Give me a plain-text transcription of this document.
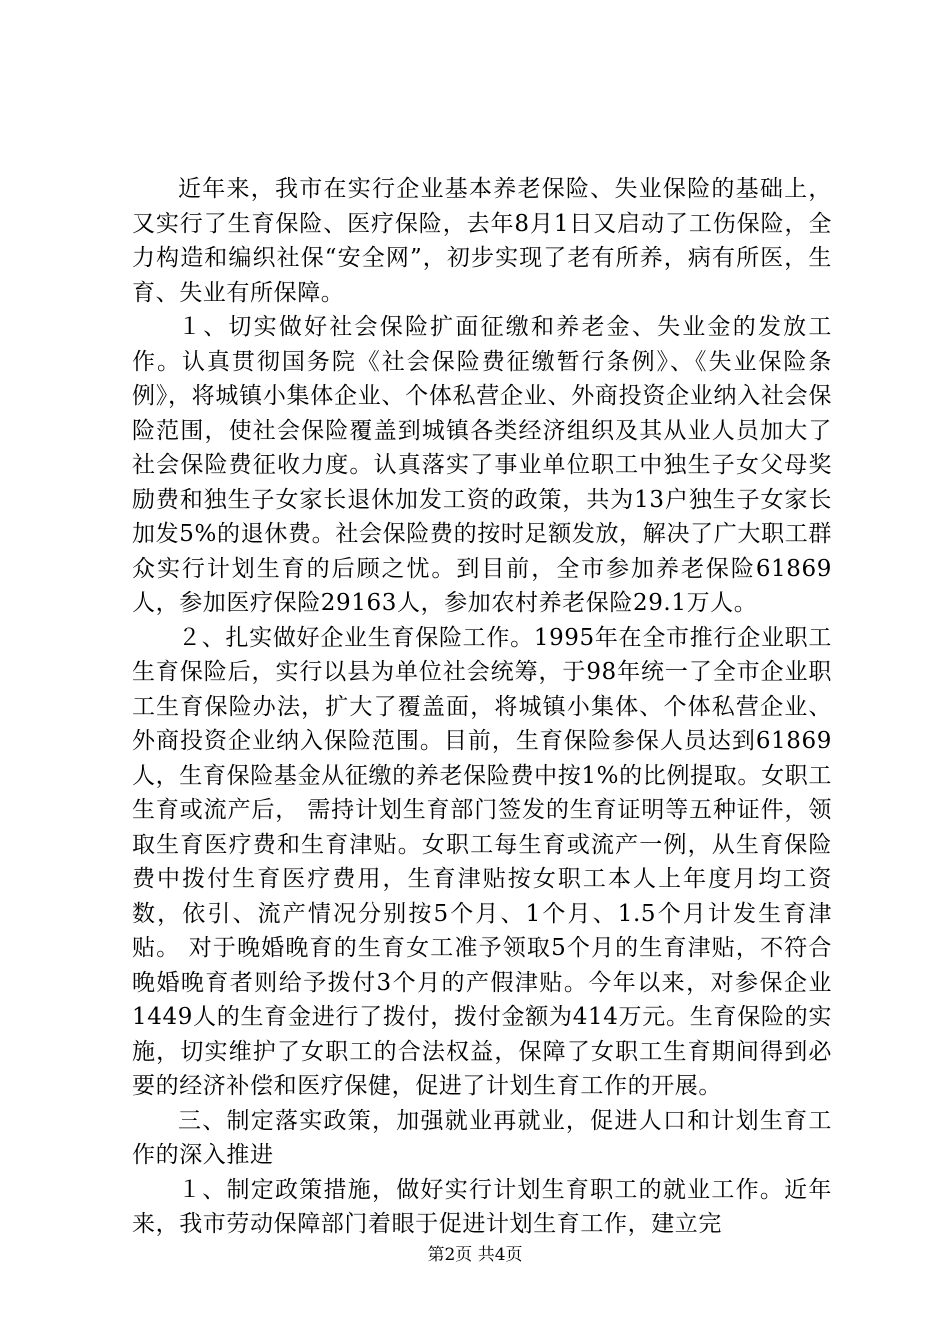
近年来，我市在实行企业基本养老保险、失业保险的基础上，又实行了生育保险、医疗保险，去年8月1日又启动了工伤保险，全力构造和编织社保“安全网”，初步实现了老有所养，病有所医，生育、失业有所保障。

１、切实做好社会保险扩面征缴和养老金、失业金的发放工作。认真贯彻国务院《社会保险费征缴暂行条例》、《失业保险条例》，将城镇小集体企业、个体私营企业、外商投资企业纳入社会保险范围，使社会保险覆盖到城镇各类经济组织及其从业人员加大了社会保险费征收力度。认真落实了事业单位职工中独生子女父母奖励费和独生子女家长退休加发工资的政策，共为13户独生子女家长加发5%的退休费。社会保险费的按时足额发放，解决了广大职工群众实行计划生育的后顾之忧。到目前，全市参加养老保险61869人，参加医疗保险29163人，参加农村养老保险29.1万人。

２、扎实做好企业生育保险工作。1995年在全市推行企业职工生育保险后，实行以县为单位社会统筹，于98年统一了全市企业职工生育保险办法，扩大了覆盖面，将城镇小集体、个体私营企业、外商投资企业纳入保险范围。目前，生育保险参保人员达到61869人，生育保险基金从征缴的养老保险费中按1%的比例提取。女职工生育或流产后， 需持计划生育部门签发的生育证明等五种证件，领取生育医疗费和生育津贴。女职工每生育或流产一例，从生育保险费中拨付生育医疗费用，生育津贴按女职工本人上年度月均工资数，依引、流产情况分别按5个月、1个月、1.5个月计发生育津贴。 对于晚婚晚育的生育女工准予领取5个月的生育津贴，不符合晚婚晚育者则给予拨付3个月的产假津贴。今年以来，对参保企业1449人的生育金进行了拨付，拨付金额为414万元。生育保险的实施，切实维护了女职工的合法权益，保障了女职工生育期间得到必要的经济补偿和医疗保健，促进了计划生育工作的开展。

三、制定落实政策，加强就业再就业，促进人口和计划生育工作的深入推进

１、制定政策措施，做好实行计划生育职工的就业工作。近年来，我市劳动保障部门着眼于促进计划生育工作，建立完

第2页 共4页
